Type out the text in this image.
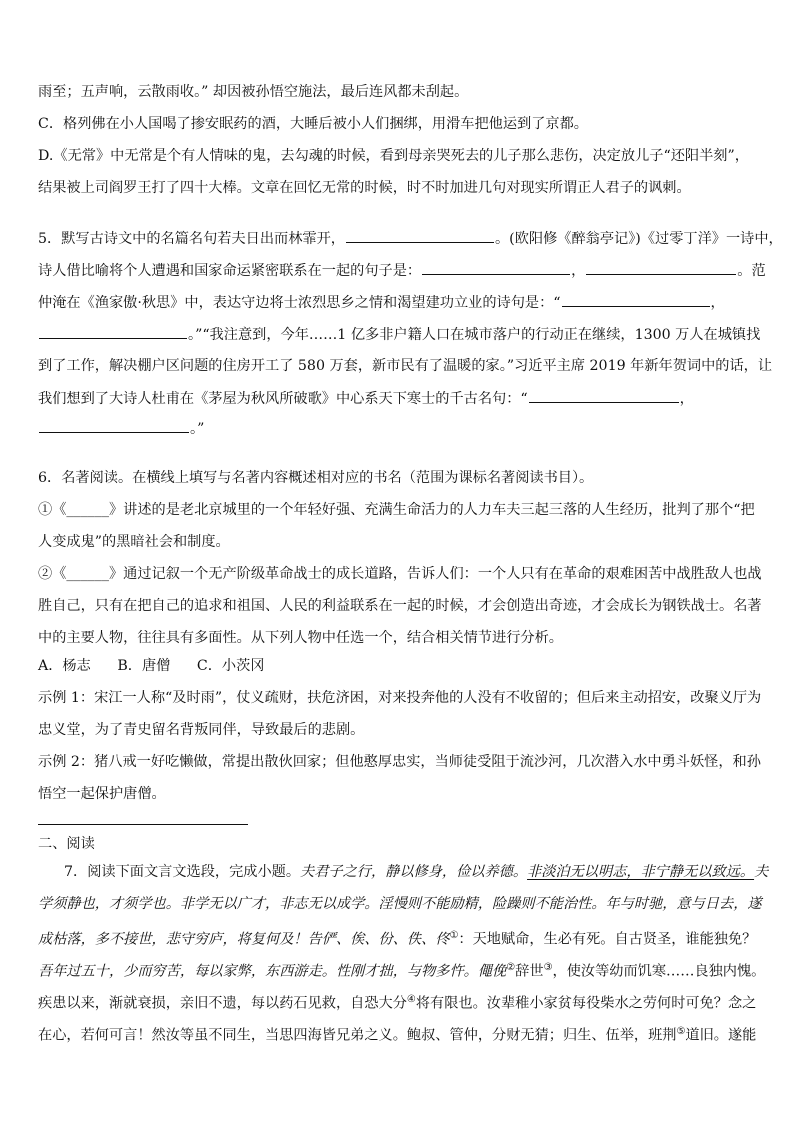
雨至；五声响，云散雨收。” 却因被孙悟空施法，最后连风都未刮起。
C．格列佛在小人国喝了掺安眠药的酒，大睡后被小人们捆绑，用滑车把他运到了京都。
D.《无常》中无常是个有人情味的鬼，去勾魂的时候，看到母亲哭死去的儿子那么悲伤，决定放儿子“还阳半刻”，
结果被上司阎罗王打了四十大棒。文章在回忆无常的时候，时不时加进几句对现实所谓正人君子的讽刺。
5．默写古诗文中的名篇名句若夫日出而林霏开，	。(欧阳修《醉翁亭记》)《过零丁洋》一诗中，
诗人借比喻将个人遭遇和国家命运紧密联系在一起的句子是：	，	。范
仲淹在《渔家傲·秋思》中，表达守边将士浓烈思乡之情和渴望建功立业的诗句是：“	，
。”“我注意到，今年……1 亿多非户籍人口在城市落户的行动正在继续，1300 万人在城镇找
到了工作，解决棚户区问题的住房开工了 580 万套，新市民有了温暖的家。”习近平主席 2019 年新年贺词中的话，让
我们想到了大诗人杜甫在《茅屋为秋风所破歌》中心系天下寒士的千古名句：“	，
。”
6．名著阅读。在横线上填写与名著内容概述相对应的书名（范围为课标名著阅读书目）。
①《______》讲述的是老北京城里的一个年轻好强、充满生命活力的人力车夫三起三落的人生经历，批判了那个“把
人变成鬼”的黑暗社会和制度。
②《______》通过记叙一个无产阶级革命战士的成长道路，告诉人们：一个人只有在革命的艰难困苦中战胜敌人也战
胜自己，只有在把自己的追求和祖国、人民的利益联系在一起的时候，才会创造出奇迹，才会成长为钢铁战士。名著
中的主要人物，往往具有多面性。从下列人物中任选一个，结合相关情节进行分析。
A．杨志 B．唐僧 C．小茨冈
示例 1：宋江一人称“及时雨”，仗义疏财，扶危济困，对来投奔他的人没有不收留的；但后来主动招安，改聚义厅为
忠义堂，为了青史留名背叛同伴，导致最后的悲剧。
示例 2：猪八戒一好吃懒做，常提出散伙回家；但他憨厚忠实，当师徒受阻于流沙河，几次潜入水中勇斗妖怪，和孙
悟空一起保护唐僧。
二、阅读
7．阅读下面文言文选段，完成小题。夫君子之行，静以修身，俭以养德。非淡泊无以明志，非宁静无以致远。夫
学须静也，才须学也。非学无以广才，非志无以成学。淫慢则不能励精，险躁则不能治性。年与时驰，意与日去，遂
成枯落，多不接世，悲守穷庐，将复何及！告俨、俟、份、佚、佟①：天地赋命，生必有死。自古贤圣，谁能独免？
吾年过五十，少而穷苦，每以家弊，东西游走。性刚才拙，与物多忤。僶俛②辞世③，使汝等幼而饥寒……良独内愧。
疾患以来，渐就衰损，亲旧不遗，每以药石见救，自恐大分④将有限也。汝辈稚小家贫每役柴水之劳何时可免？念之
在心，若何可言！然汝等虽不同生，当思四海皆兄弟之义。鲍叔、管仲，分财无猜；归生、伍举，班荆⑤道旧。遂能
